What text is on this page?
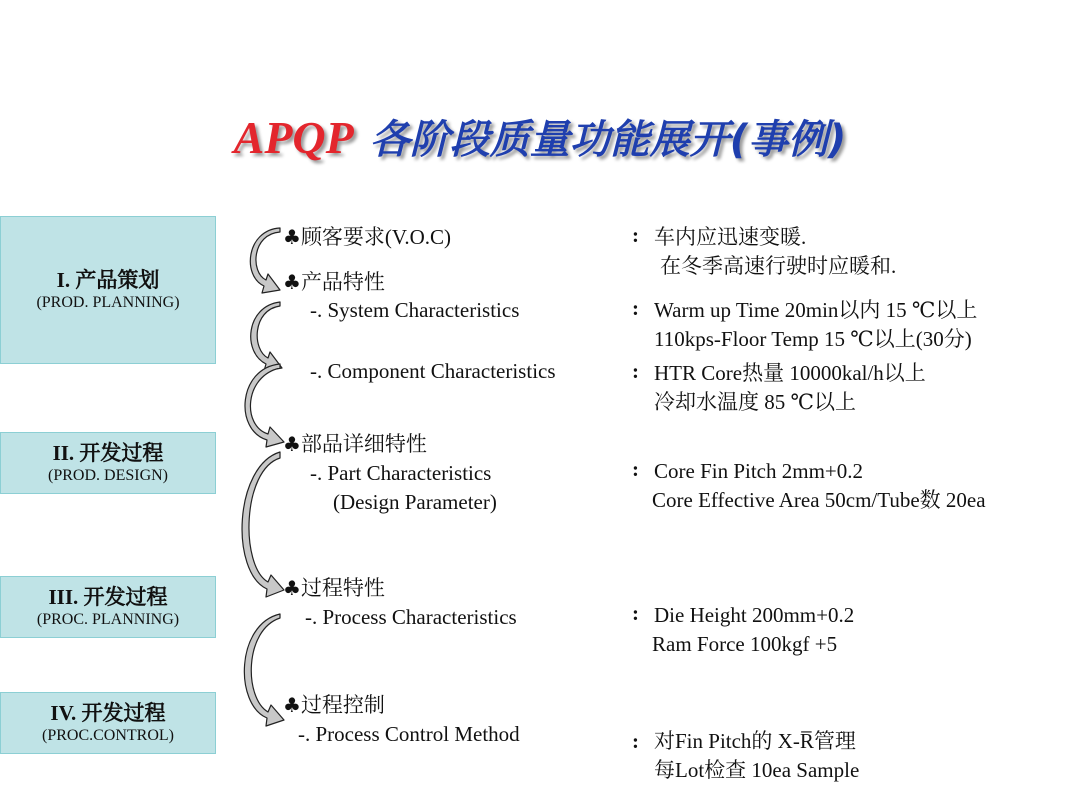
APQP 各阶段质量功能展开(事例)
I. 产品策划
(PROD. PLANNING)
II. 开发过程
(PROD. DESIGN)
III. 开发过程
(PROC. PLANNING)
IV. 开发过程
(PROC.CONTROL)
♣顾客要求(V.O.C)
♣产品特性
-. System Characteristics
-. Component Characteristics
♣部品详细特性
-. Part Characteristics
(Design Parameter)
♣过程特性
-. Process Characteristics
♣过程控制
-. Process Control Method
:
:
:
:
:
:
车内应迅速变暖.
在冬季高速行驶时应暖和.
Warm up Time 20min以内 15 ℃以上
110kps-Floor Temp 15 ℃以上(30分)
HTR Core热量 10000kal/h以上
冷却水温度 85 ℃以上
Core Fin Pitch 2mm+0.2
Core Effective Area 50cm/Tube数 20ea
Die Height 200mm+0.2
Ram Force 100kgf +5
对Fin Pitch的 X-R̅管理
每Lot检查 10ea Sample
